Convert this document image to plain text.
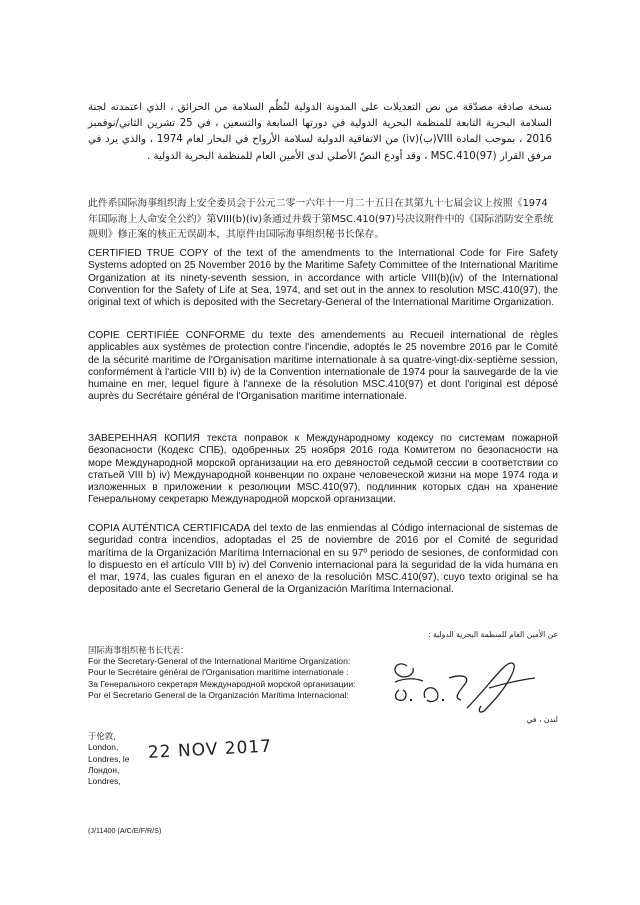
نسخة صادقة مصدّقة من نص التعديلات على المدونة الدولية لنُظُم السلامة من الحرائق ، الذي اعتمدته لجنة السلامة البحرية التابعة للمنظمة البحرية الدولية في دورتها السابعة والتسعين ، في 25 تشرين الثاني/نوفمبر 2016 ، بموجب المادة VIII(ب)(iv) من الاتفاقية الدولية لسلامة الأرواح في البحار لعام 1974 ، والذي يرد في مرفق القرار MSC.410(97) ، وقد أودع النصّ الأصلي لدى الأمين العام للمنظمة البحرية الدولية .
此件系国际海事组织海上安全委员会于公元二零一六年十一月二十五日在其第九十七届会议上按照《1974年国际海上人命安全公约》第VIII(b)(iv)条通过并载于第MSC.410(97)号决议附件中的《国际消防安全系统规则》修正案的核正无误副本，其原件由国际海事组织秘书长保存。

CERTIFIED TRUE COPY of the text of the amendments to the International Code for Fire Safety Systems adopted on 25 November 2016 by the Maritime Safety Committee of the International Maritime Organization at its ninety-seventh session, in accordance with article VIII(b)(iv) of the International Convention for the Safety of Life at Sea, 1974, and set out in the annex to resolution MSC.410(97), the original text of which is deposited with the Secretary-General of the International Maritime Organization.

COPIE CERTIFIÉE CONFORME du texte des amendements au Recueil international de règles applicables aux systèmes de protection contre l'incendie, adoptés le 25 novembre 2016 par le Comité de la sécurité maritime de l'Organisation maritime internationale à sa quatre-vingt-dix-septième session, conformément à l'article VIII b) iv) de la Convention internationale de 1974 pour la sauvegarde de la vie humaine en mer, lequel figure à l'annexe de la résolution MSC.410(97) et dont l'original est déposé auprès du Secrétaire général de l'Organisation maritime internationale.

ЗАВЕРЕННАЯ КОПИЯ текста поправок к Международному кодексу по системам пожарной безопасности (Кодекс СПБ), одобренных 25 ноября 2016 года Комитетом по безопасности на море Международной морской организации на его девяностой седьмой сессии в соответствии со статьей VIII b) iv) Международной конвенции по охране человеческой жизни на море 1974 года и изложенных в приложении к резолюции MSC.410(97), подлинник которых сдан на хранение Генеральному секретарю Международной морской организации.

COPIA AUTÉNTICA CERTIFICADA del texto de las enmiendas al Código internacional de sistemas de seguridad contra incendios, adoptadas el 25 de noviembre de 2016 por el Comité de seguridad marítima de la Organización Marítima Internacional en su 97º periodo de sesiones, de conformidad con lo dispuesto en el artículo VIII b) iv) del Convenio internacional para la seguridad de la vida humana en el mar, 1974, las cuales figuran en el anexo de la resolución MSC.410(97), cuyo texto original se ha depositado ante el Secretario General de la Organización Marítima Internacional.

عن الأمين العام للمنظمة البحرية الدولية :
国际海事组织秘书长代表：
For the Secretary-General of the International Maritime Organization:
Pour le Secrétaire général de l'Organisation maritime internationale :
За Генерального секретаря Международной морской организации:
Por el Secretario General de la Organización Marítima Internacional:
لندن ، في
于伦敦，
London,
Londres, le
Лондон,
Londres,
22 NOV 2017
(J/11400 (A/C/E/F/R/S)
